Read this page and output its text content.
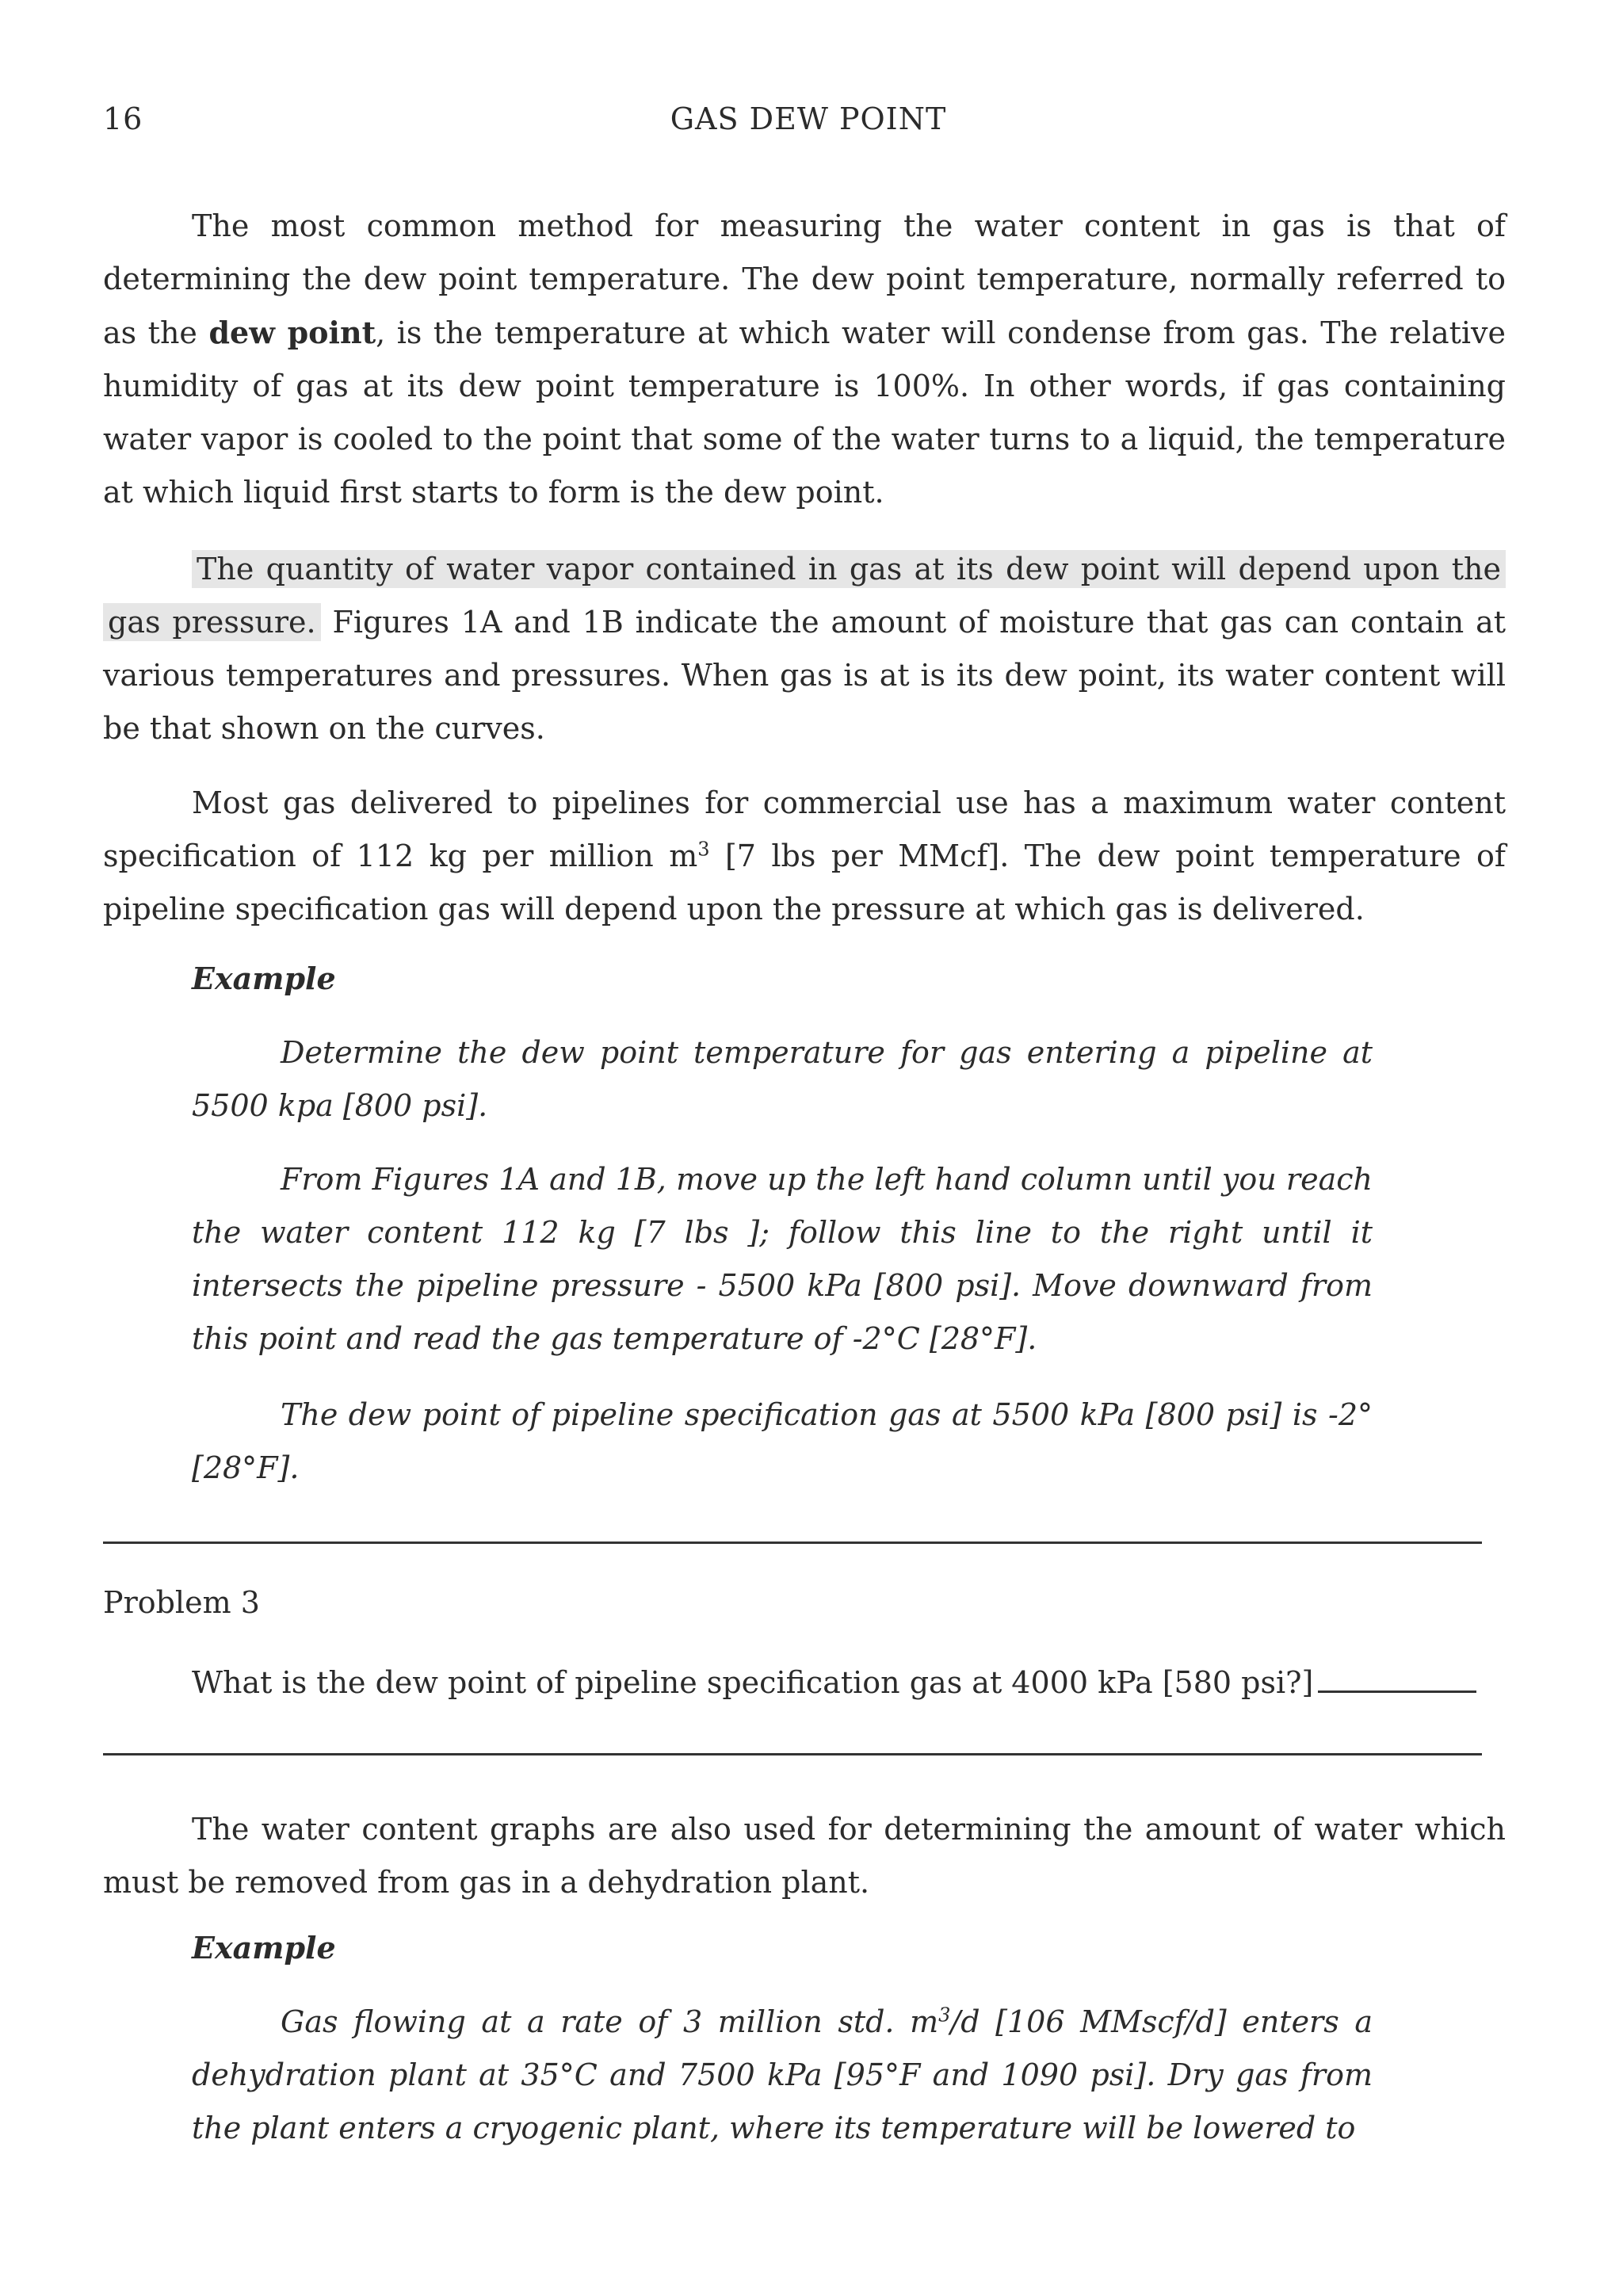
16	GAS DEW POINT

The most common method for measuring the water content in gas is that of determining the dew point temperature. The dew point temperature, normally referred to as the dew point, is the temperature at which water will condense from gas. The relative humidity of gas at its dew point temperature is 100%. In other words, if gas containing water vapor is cooled to the point that some of the water turns to a liquid, the temperature at which liquid first starts to form is the dew point.

The quantity of water vapor contained in gas at its dew point will depend upon the gas pressure. Figures 1A and 1B indicate the amount of moisture that gas can contain at various temperatures and pressures. When gas is at is its dew point, its water content will be that shown on the curves.

Most gas delivered to pipelines for commercial use has a maximum water content specification of 112 kg per million $m^3$ [7 lbs per MMcf]. The dew point temperature of pipeline specification gas will depend upon the pressure at which gas is delivered.

Example

Determine the dew point temperature for gas entering a pipeline at 5500 kpa [800 psi].

From Figures 1A and 1B, move up the left hand column until you reach the water content 112 kg [7 lbs ]; follow this line to the right until it intersects the pipeline pressure - 5500 kPa [800 psi]. Move downward from this point and read the gas temperature of -2°C [28°F].

The dew point of pipeline specification gas at 5500 kPa [800 psi] is -2° [28°F].

Problem 3

What is the dew point of pipeline specification gas at 4000 kPa [580 psi?]

The water content graphs are also used for determining the amount of water which must be removed from gas in a dehydration plant.

Example

Gas flowing at a rate of 3 million std. $m^3/d$ [106 MMscf/d] enters a dehydration plant at 35°C and 7500 kPa [95°F and 1090 psi]. Dry gas from the plant enters a cryogenic plant, where its temperature will be lowered to
